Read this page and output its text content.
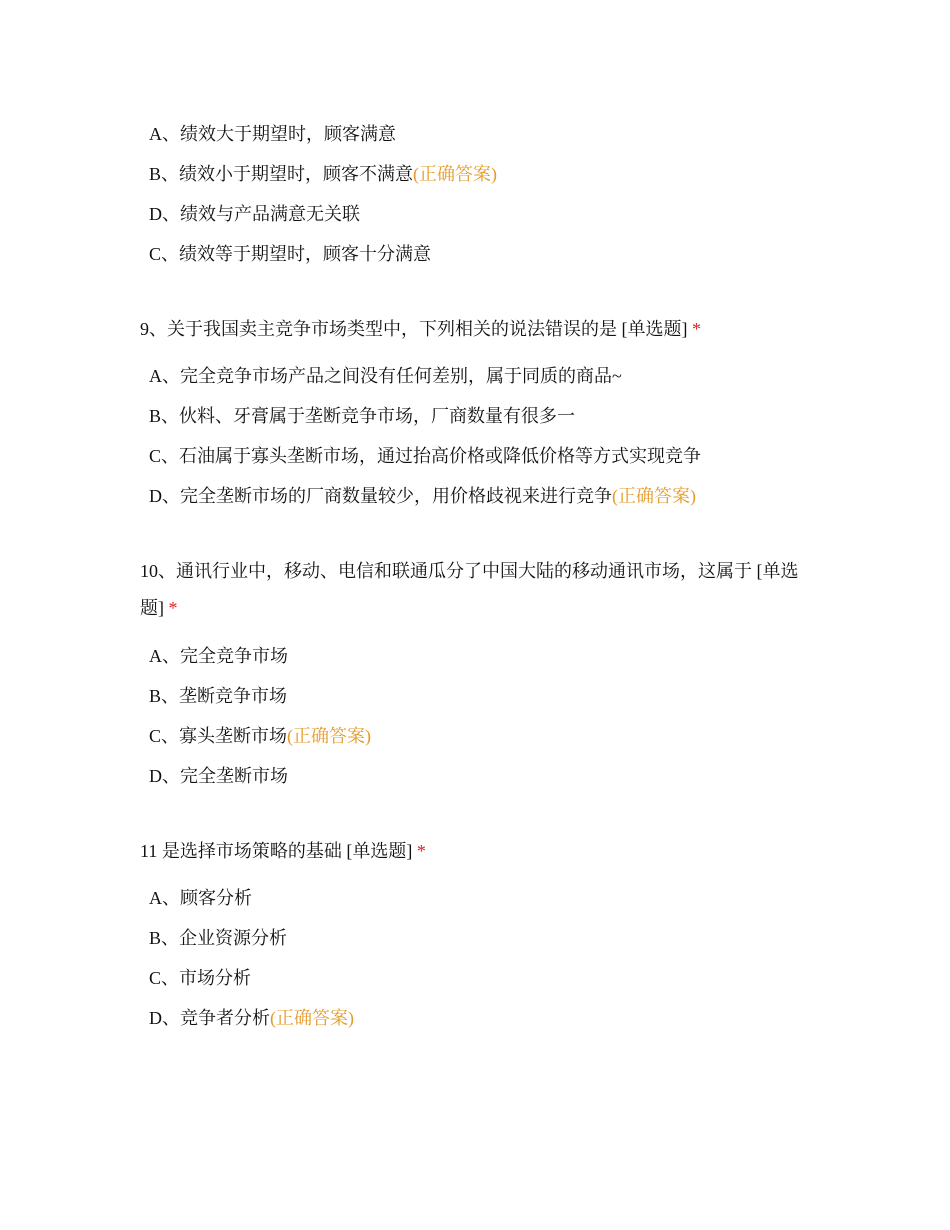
A、绩效大于期望时，顾客满意
B、绩效小于期望时，顾客不满意(正确答案)
D、绩效与产品满意无关联
C、绩效等于期望时，顾客十分满意
9、关于我国卖主竞争市场类型中，下列相关的说法错误的是 [单选题] *
A、完全竞争市场产品之间没有任何差别，属于同质的商品~
B、伙料、牙膏属于垄断竞争市场，厂商数量有很多一
C、石油属于寡头垄断市场，通过抬高价格或降低价格等方式实现竞争
D、完全垄断市场的厂商数量较少，用价格歧视来进行竞争(正确答案)
10、通讯行业中，移动、电信和联通瓜分了中国大陆的移动通讯市场，这属于 [单选题] *
A、完全竞争市场
B、垄断竞争市场
C、寡头垄断市场(正确答案)
D、完全垄断市场
11 是选择市场策略的基础 [单选题] *
A、顾客分析
B、企业资源分析
C、市场分析
D、竞争者分析(正确答案)
